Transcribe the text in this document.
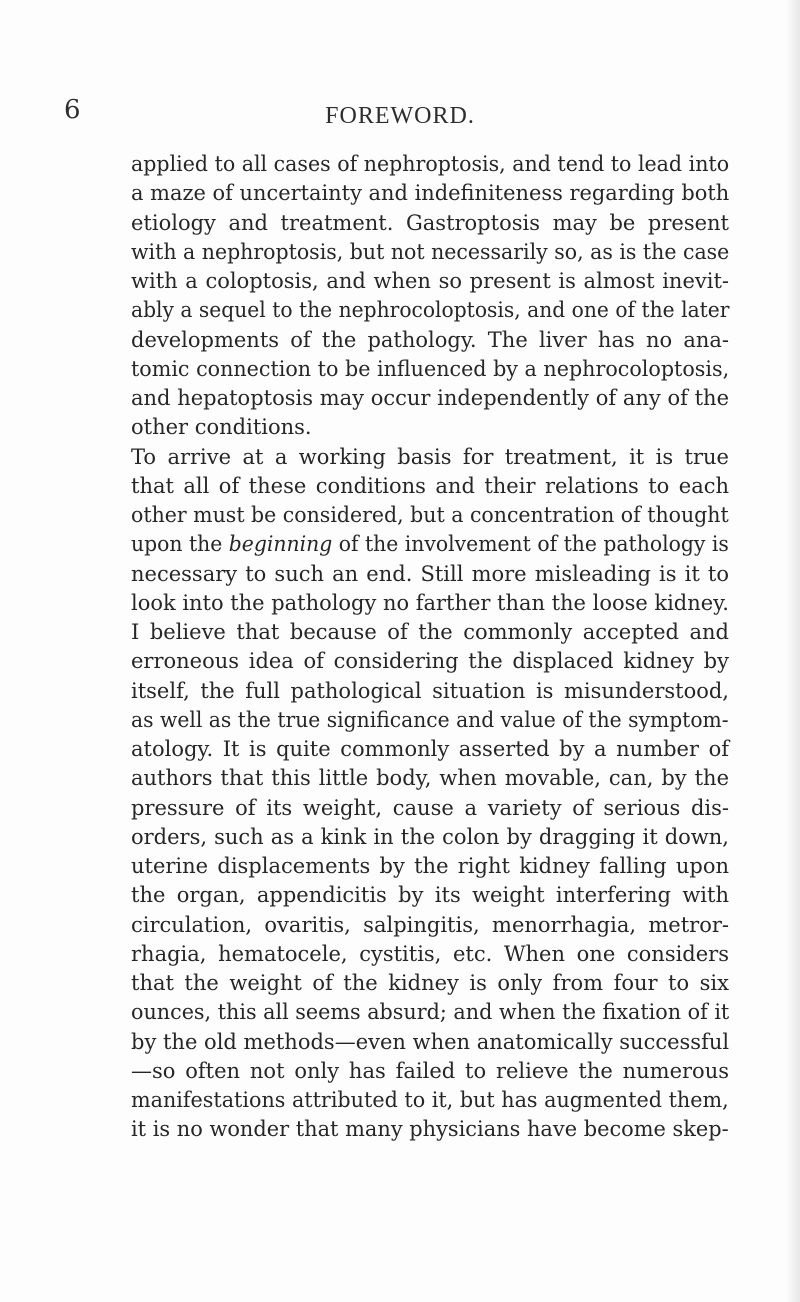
6	FOREWORD.
applied to all cases of nephroptosis, and tend to lead into
a maze of uncertainty and indefiniteness regarding both
etiology and treatment. Gastroptosis may be present
with a nephroptosis, but not necessarily so, as is the case
with a coloptosis, and when so present is almost inevit-
ably a sequel to the nephrocoloptosis, and one of the later
developments of the pathology. The liver has no ana-
tomic connection to be influenced by a nephrocoloptosis,
and hepatoptosis may occur independently of any of the
other conditions.
To arrive at a working basis for treatment, it is true
that all of these conditions and their relations to each
other must be considered, but a concentration of thought
upon the beginning of the involvement of the pathology is
necessary to such an end. Still more misleading is it to
look into the pathology no farther than the loose kidney.
I believe that because of the commonly accepted and
erroneous idea of considering the displaced kidney by
itself, the full pathological situation is misunderstood,
as well as the true significance and value of the symptom-
atology. It is quite commonly asserted by a number of
authors that this little body, when movable, can, by the
pressure of its weight, cause a variety of serious dis-
orders, such as a kink in the colon by dragging it down,
uterine displacements by the right kidney falling upon
the organ, appendicitis by its weight interfering with
circulation, ovaritis, salpingitis, menorrhagia, metror-
rhagia, hematocele, cystitis, etc. When one considers
that the weight of the kidney is only from four to six
ounces, this all seems absurd; and when the fixation of it
by the old methods—even when anatomically successful
—so often not only has failed to relieve the numerous
manifestations attributed to it, but has augmented them,
it is no wonder that many physicians have become skep-
